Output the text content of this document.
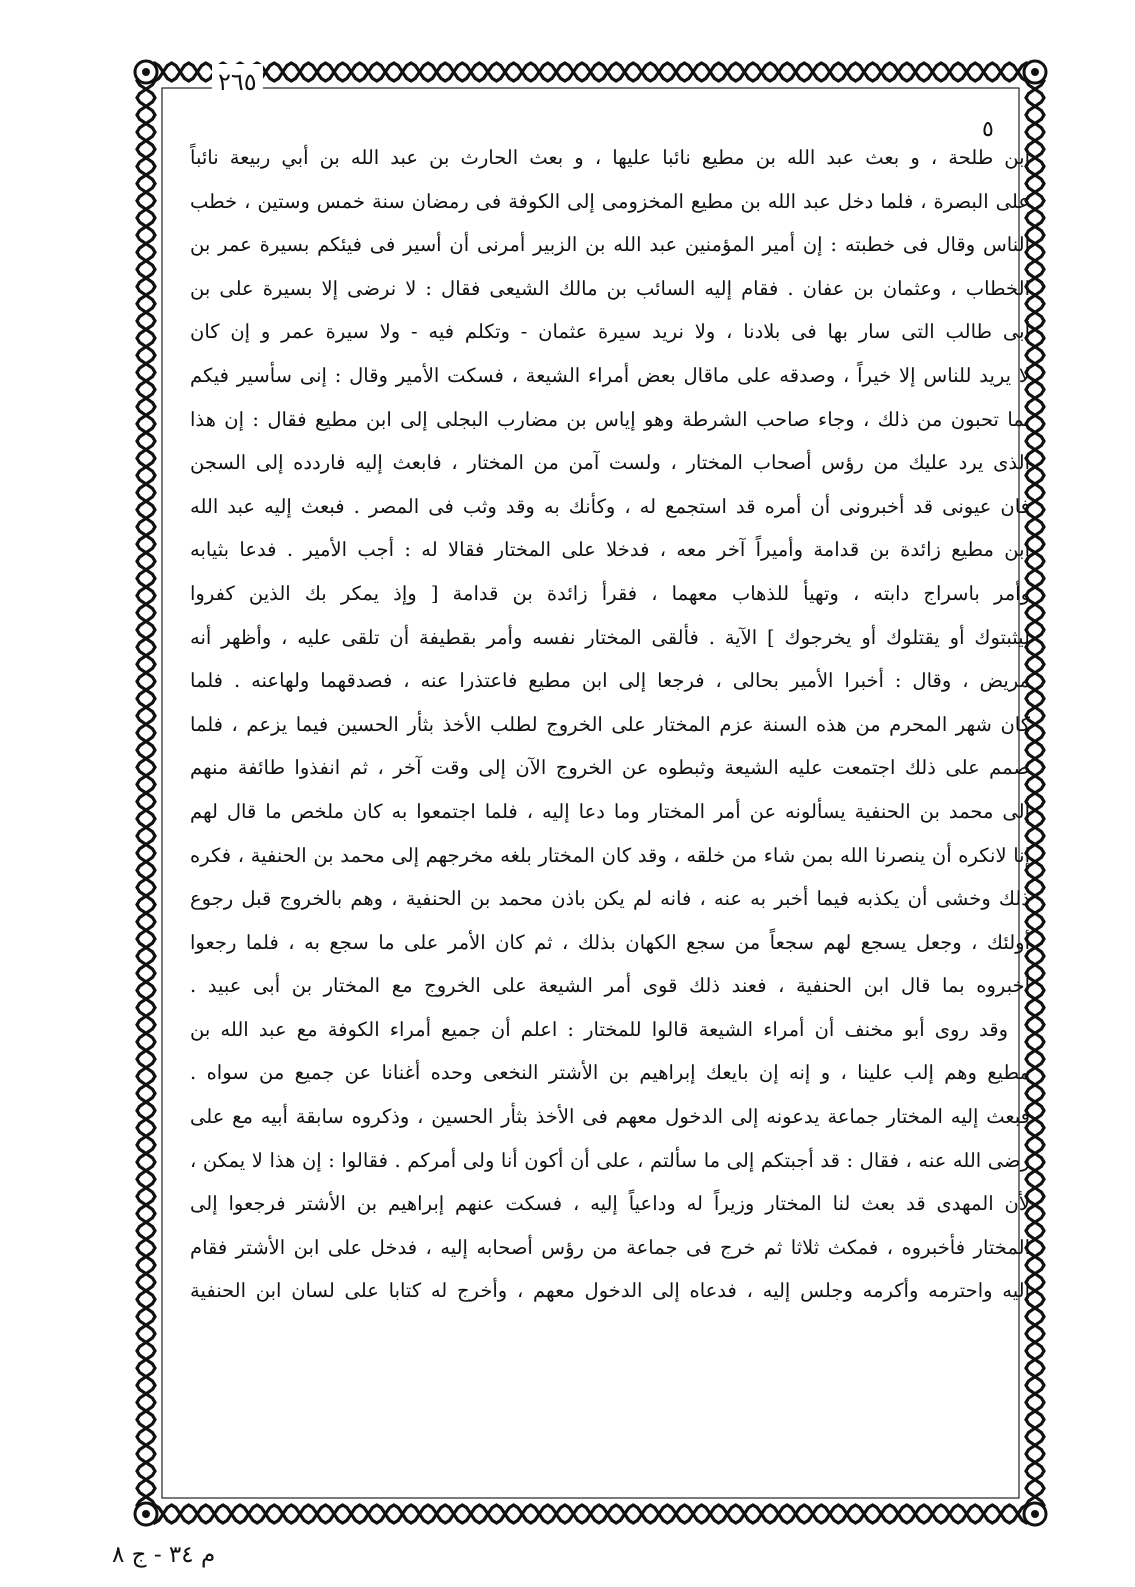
٢٦٥
٥
ابن طلحة ، و بعث عبد الله بن مطيع نائبا عليها ، و بعث الحارث بن عبد الله بن أبي ربيعة نائباً
على البصرة ، فلما دخل عبد الله بن مطيع المخزومى إلى الكوفة فى رمضان سنة خمس وستين ، خطب
الناس وقال فى خطبته : إن أمير المؤمنين عبد الله بن الزبير أمرنى أن أسير فى فيئكم بسيرة عمر بن
الخطاب ، وعثمان بن عفان . فقام إليه السائب بن مالك الشيعى فقال : لا نرضى إلا بسيرة على بن
أبى طالب التى سار بها فى بلادنا ، ولا نريد سيرة عثمان - وتكلم فيه - ولا سيرة عمر و إن كان
لا يريد للناس إلا خيراً ، وصدقه على ماقال بعض أمراء الشيعة ، فسكت الأمير وقال : إنى سأسير فيكم
بما تحبون من ذلك ، وجاء صاحب الشرطة وهو إياس بن مضارب البجلى إلى ابن مطيع فقال : إن هذا
الذى يرد عليك من رؤس أصحاب المختار ، ولست آمن من المختار ، فابعث إليه فاردده إلى السجن
فان عيونى قد أخبرونى أن أمره قد استجمع له ، وكأنك به وقد وثب فى المصر . فبعث إليه عبد الله
ابن مطيع زائدة بن قدامة وأميراً آخر معه ، فدخلا على المختار فقالا له : أجب الأمير . فدعا بثيابه
وأمر باسراج دابته ، وتهيأ للذهاب معهما ، فقرأ زائدة بن قدامة [ وإذ يمكر بك الذين كفروا
ليثبتوك أو يقتلوك أو يخرجوك ] الآية . فألقى المختار نفسه وأمر بقطيفة أن تلقى عليه ، وأظهر أنه
مريض ، وقال : أخبرا الأمير بحالى ، فرجعا إلى ابن مطيع فاعتذرا عنه ، فصدقهما ولهاعنه . فلما
كان شهر المحرم من هذه السنة عزم المختار على الخروج لطلب الأخذ بثأر الحسين فيما يزعم ، فلما
صمم على ذلك اجتمعت عليه الشيعة وثبطوه عن الخروج الآن إلى وقت آخر ، ثم انفذوا طائفة منهم
إلى محمد بن الحنفية يسألونه عن أمر المختار وما دعا إليه ، فلما اجتمعوا به كان ملخص ما قال لهم
إنا لانكره أن ينصرنا الله بمن شاء من خلقه ، وقد كان المختار بلغه مخرجهم إلى محمد بن الحنفية ، فكره
ذلك وخشى أن يكذبه فيما أخبر به عنه ، فانه لم يكن باذن محمد بن الحنفية ، وهم بالخروج قبل رجوع
أولئك ، وجعل يسجع لهم سجعاً من سجع الكهان بذلك ، ثم كان الأمر على ما سجع به ، فلما رجعوا
أخبروه بما قال ابن الحنفية ، فعند ذلك قوى أمر الشيعة على الخروج مع المختار بن أبى عبيد .
وقد روى أبو مخنف أن أمراء الشيعة قالوا للمختار : اعلم أن جميع أمراء الكوفة مع عبد الله بن
مطيع وهم إلب علينا ، و إنه إن بايعك إبراهيم بن الأشتر النخعى وحده أغنانا عن جميع من سواه .
فبعث إليه المختار جماعة يدعونه إلى الدخول معهم فى الأخذ بثأر الحسين ، وذكروه سابقة أبيه مع على
رضى الله عنه ، فقال : قد أجبتكم إلى ما سألتم ، على أن أكون أنا ولى أمركم . فقالوا : إن هذا لا يمكن ،
لأن المهدى قد بعث لنا المختار وزيراً له وداعياً إليه ، فسكت عنهم إبراهيم بن الأشتر فرجعوا إلى
المختار فأخبروه ، فمكث ثلاثا ثم خرج فى جماعة من رؤس أصحابه إليه ، فدخل على ابن الأشتر فقام
إليه واحترمه وأكرمه وجلس إليه ، فدعاه إلى الدخول معهم ، وأخرج له كتابا على لسان ابن الحنفية
م ٣٤ - ج ٨
